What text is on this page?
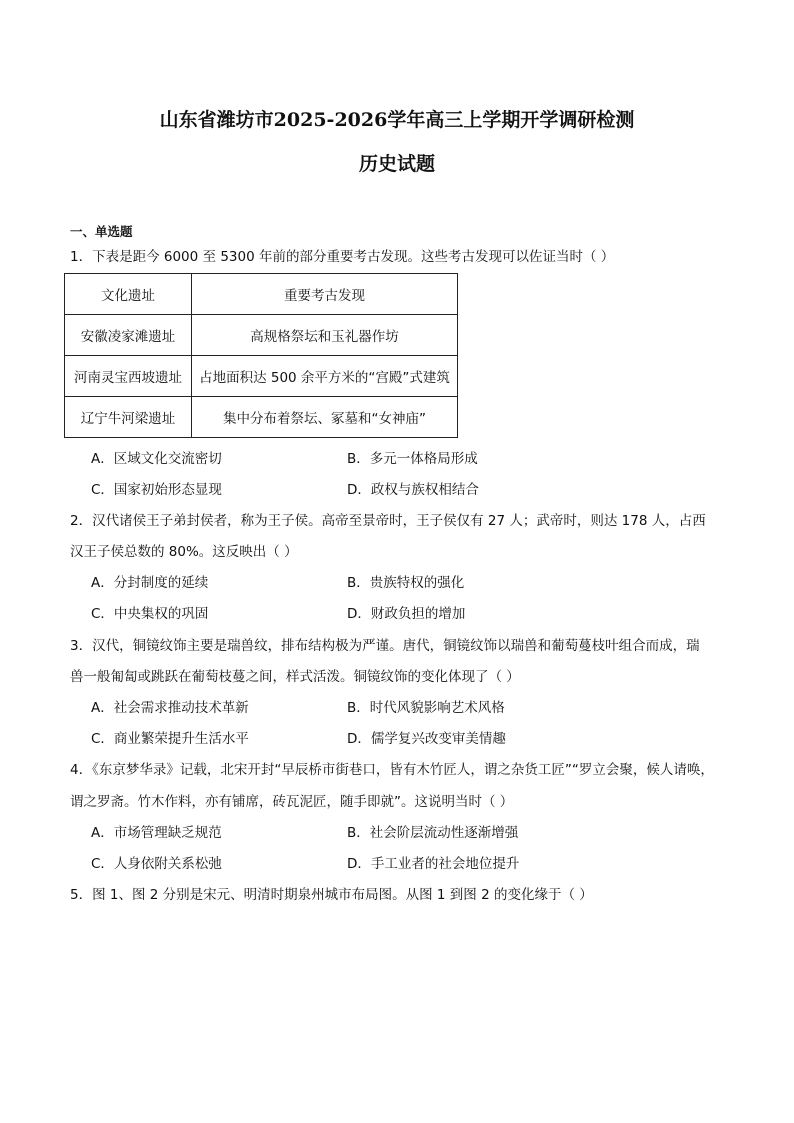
山东省潍坊市2025-2026学年高三上学期开学调研检测
历史试题
一、单选题
1．下表是距今 6000 至 5300 年前的部分重要考古发现。这些考古发现可以佐证当时（ ）
文化遗址	重要考古发现
安徽凌家滩遗址	高规格祭坛和玉礼器作坊
河南灵宝西坡遗址	占地面积达 500 余平方米的“宫殿”式建筑
辽宁牛河梁遗址	集中分布着祭坛、冢墓和“女神庙”
A．区域文化交流密切	B．多元一体格局形成
C．国家初始形态显现	D．政权与族权相结合
2．汉代诸侯王子弟封侯者，称为王子侯。高帝至景帝时，王子侯仅有 27 人；武帝时，则达 178 人，占西
汉王子侯总数的 80%。这反映出（ ）
A．分封制度的延续	B．贵族特权的强化
C．中央集权的巩固	D．财政负担的增加
3．汉代，铜镜纹饰主要是瑞兽纹，排布结构极为严谨。唐代，铜镜纹饰以瑞兽和葡萄蔓枝叶组合而成，瑞
兽一般匍匐或跳跃在葡萄枝蔓之间，样式活泼。铜镜纹饰的变化体现了（ ）
A．社会需求推动技术革新	B．时代风貌影响艺术风格
C．商业繁荣提升生活水平	D．儒学复兴改变审美情趣
4．《东京梦华录》记载，北宋开封“早辰桥市街巷口，皆有木竹匠人，谓之杂货工匠”“罗立会聚，候人请唤，
谓之罗斋。竹木作料，亦有铺席，砖瓦泥匠，随手即就”。这说明当时（ ）
A．市场管理缺乏规范	B．社会阶层流动性逐渐增强
C．人身依附关系松弛	D．手工业者的社会地位提升
5．图 1、图 2 分别是宋元、明清时期泉州城市布局图。从图 1 到图 2 的变化缘于（ ）
